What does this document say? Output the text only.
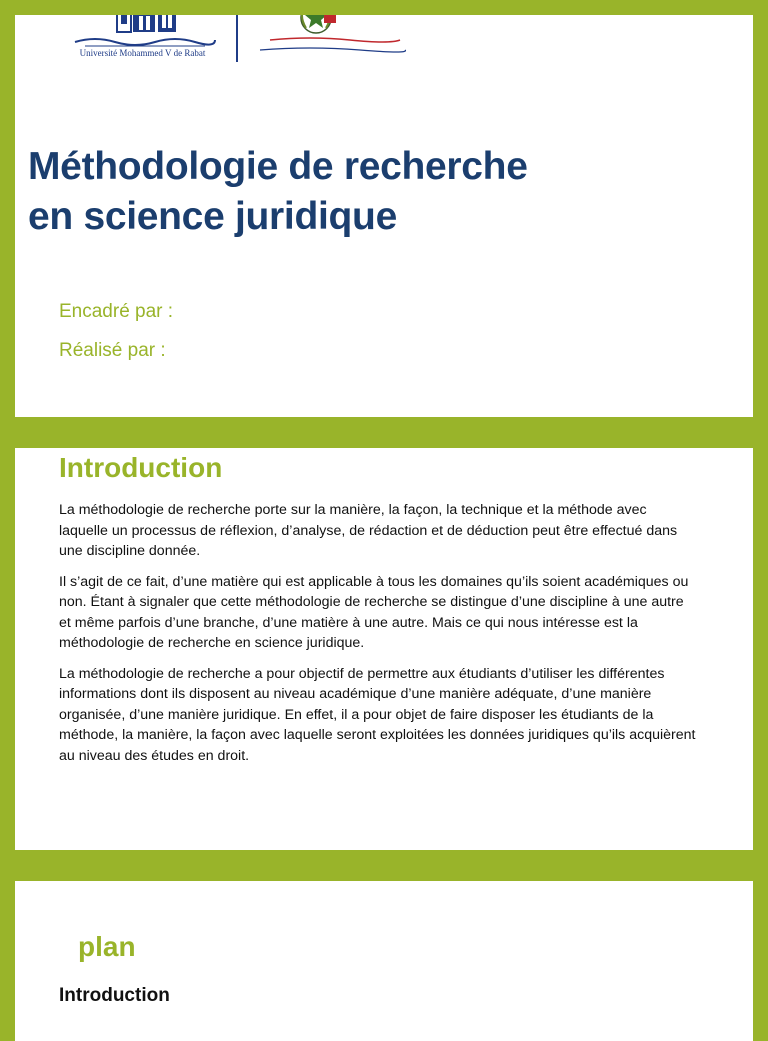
Université Mohammed V de Rabat
Méthodologie de recherche
en science juridique
Encadré par :
Réalisé par :
Introduction

La méthodologie de recherche porte sur la manière, la façon, la technique et la méthode avec laquelle un processus de réflexion, d’analyse, de rédaction et de déduction peut être effectué dans une discipline donnée.

Il s’agit de ce fait, d’une matière qui est applicable à tous les domaines qu’ils soient académiques ou non. Étant à signaler que cette méthodologie de recherche se distingue d’une discipline à une autre et même parfois d’une branche, d’une matière à une autre. Mais ce qui nous intéresse est la méthodologie de recherche en science juridique.

La méthodologie de recherche a pour objectif de permettre aux étudiants d’utiliser les différentes informations dont ils disposent au niveau académique d’une manière adéquate, d’une manière organisée, d’une manière juridique. En effet, il a pour objet de faire disposer les étudiants de la méthode, la manière, la façon avec laquelle seront exploitées les données juridiques qu’ils acquièrent au niveau des études en droit.

plan
Introduction
